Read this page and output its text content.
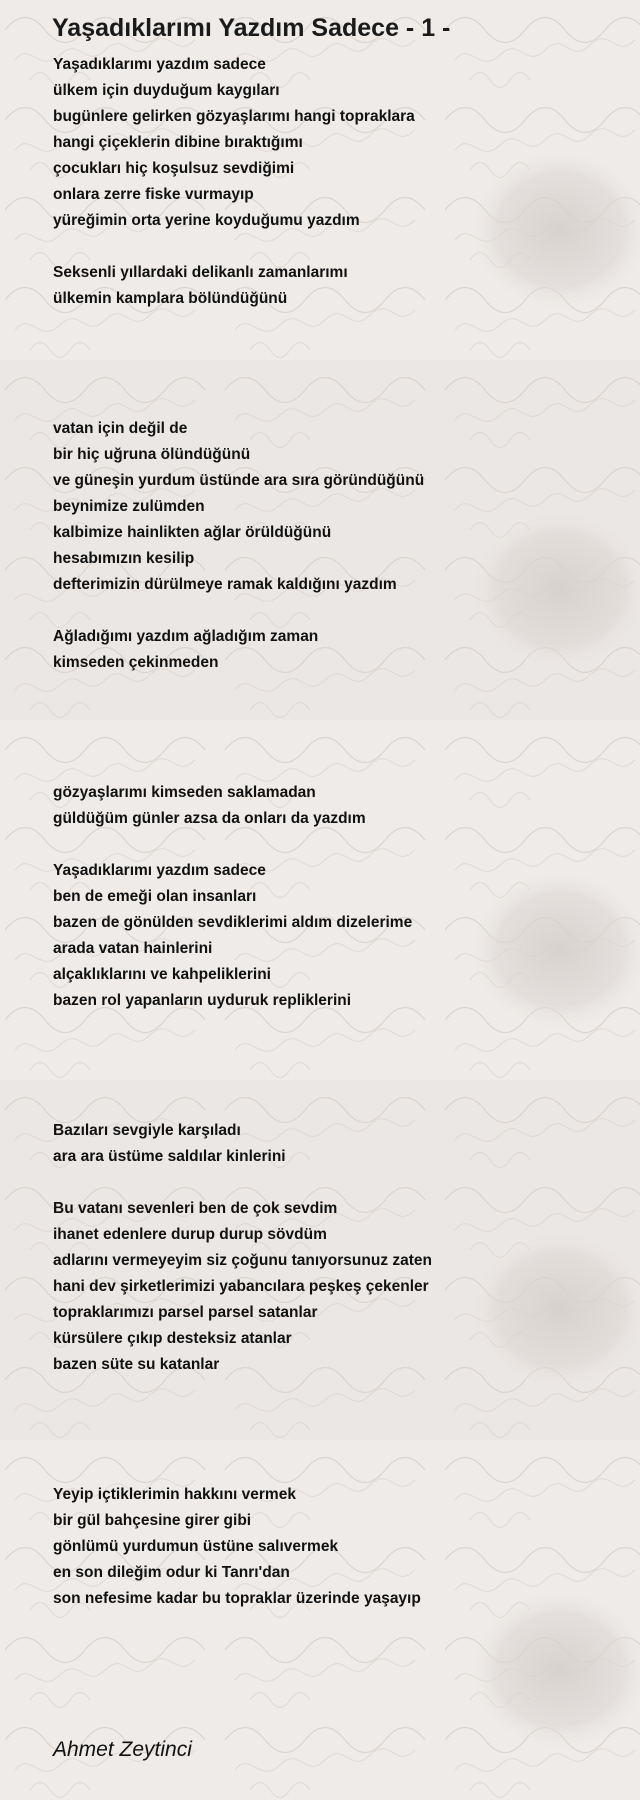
Yaşadıklarımı Yazdım Sadece - 1 -
Yaşadıklarımı yazdım sadece
ülkem için duyduğum kaygıları
bugünlere gelirken gözyaşlarımı hangi topraklara
hangi çiçeklerin dibine bıraktığımı
çocukları hiç koşulsuz sevdiğimi
onlara zerre fiske vurmayıp
yüreğimin orta yerine koyduğumu yazdım
Seksenli yıllardaki delikanlı zamanlarımı
ülkemin kamplara bölündüğünü
vatan için değil de
bir hiç uğruna ölündüğünü
ve güneşin yurdum üstünde ara sıra göründüğünü
beynimize zulümden
kalbimize hainlikten ağlar örüldüğünü
hesabımızın kesilip
defterimizin dürülmeye ramak kaldığını yazdım
Ağladığımı yazdım ağladığım zaman
kimseden çekinmeden
gözyaşlarımı kimseden saklamadan
güldüğüm günler azsa da onları da yazdım
Yaşadıklarımı yazdım sadece
ben de emeği olan insanları
bazen de gönülden sevdiklerimi aldım dizelerime
arada vatan hainlerini
alçaklıklarını ve kahpeliklerini
bazen rol yapanların uyduruk repliklerini
Bazıları sevgiyle karşıladı
ara ara üstüme saldılar kinlerini
Bu vatanı sevenleri ben de çok sevdim
ihanet edenlere durup durup sövdüm
adlarını vermeyeyim siz çoğunu tanıyorsunuz zaten
hani dev şirketlerimizi yabancılara peşkeş çekenler
topraklarımızı parsel parsel satanlar
kürsülere çıkıp desteksiz atanlar
bazen süte su katanlar
Yeyip içtiklerimin hakkını vermek
bir gül bahçesine girer gibi
gönlümü yurdumun üstüne salıvermek
en son dileğim odur ki Tanrı'dan
son nefesime kadar bu topraklar üzerinde yaşayıp
Ahmet Zeytinci
